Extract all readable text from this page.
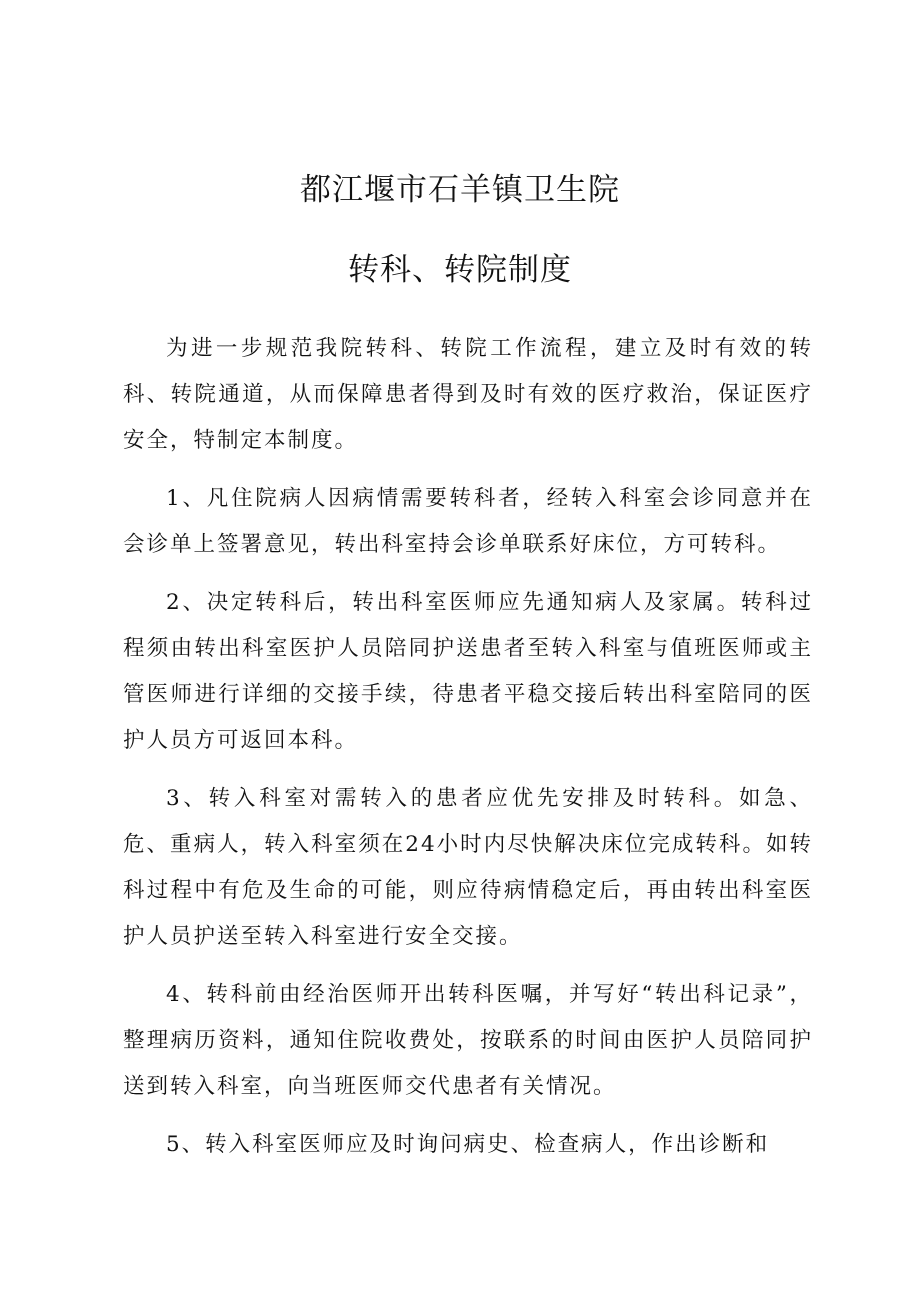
都江堰市石羊镇卫生院
转科、转院制度

为进一步规范我院转科、转院工作流程，建立及时有效的转科、转院通道，从而保障患者得到及时有效的医疗救治，保证医疗安全，特制定本制度。

1、凡住院病人因病情需要转科者，经转入科室会诊同意并在会诊单上签署意见，转出科室持会诊单联系好床位，方可转科。

2、决定转科后，转出科室医师应先通知病人及家属。转科过程须由转出科室医护人员陪同护送患者至转入科室与值班医师或主管医师进行详细的交接手续，待患者平稳交接后转出科室陪同的医护人员方可返回本科。

3、转入科室对需转入的患者应优先安排及时转科。如急、危、重病人，转入科室须在24小时内尽快解决床位完成转科。如转科过程中有危及生命的可能，则应待病情稳定后，再由转出科室医护人员护送至转入科室进行安全交接。

4、转科前由经治医师开出转科医嘱，并写好“转出科记录”，整理病历资料，通知住院收费处，按联系的时间由医护人员陪同护送到转入科室，向当班医师交代患者有关情况。

5、转入科室医师应及时询问病史、检查病人，作出诊断和
